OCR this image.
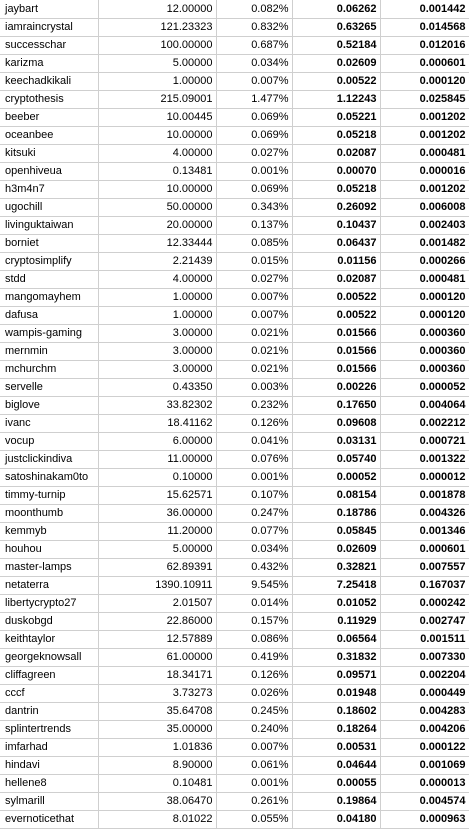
jaybart	12.00000	0.082%	0.06262	0.001442
iamraincrystal	121.23323	0.832%	0.63265	0.014568
successchar	100.00000	0.687%	0.52184	0.012016
karizma	5.00000	0.034%	0.02609	0.000601
keechadkikali	1.00000	0.007%	0.00522	0.000120
cryptothesis	215.09001	1.477%	1.12243	0.025845
beeber	10.00445	0.069%	0.05221	0.001202
oceanbee	10.00000	0.069%	0.05218	0.001202
kitsuki	4.00000	0.027%	0.02087	0.000481
openhiveua	0.13481	0.001%	0.00070	0.000016
h3m4n7	10.00000	0.069%	0.05218	0.001202
ugochill	50.00000	0.343%	0.26092	0.006008
livinguktaiwan	20.00000	0.137%	0.10437	0.002403
borniet	12.33444	0.085%	0.06437	0.001482
cryptosimplify	2.21439	0.015%	0.01156	0.000266
stdd	4.00000	0.027%	0.02087	0.000481
mangomayhem	1.00000	0.007%	0.00522	0.000120
dafusa	1.00000	0.007%	0.00522	0.000120
wampis-gaming	3.00000	0.021%	0.01566	0.000360
mernmin	3.00000	0.021%	0.01566	0.000360
mchurchm	3.00000	0.021%	0.01566	0.000360
servelle	0.43350	0.003%	0.00226	0.000052
biglove	33.82302	0.232%	0.17650	0.004064
ivanc	18.41162	0.126%	0.09608	0.002212
vocup	6.00000	0.041%	0.03131	0.000721
justclickindiva	11.00000	0.076%	0.05740	0.001322
satoshinakam0to	0.10000	0.001%	0.00052	0.000012
timmy-turnip	15.62571	0.107%	0.08154	0.001878
moonthumb	36.00000	0.247%	0.18786	0.004326
kemmyb	11.20000	0.077%	0.05845	0.001346
houhou	5.00000	0.034%	0.02609	0.000601
master-lamps	62.89391	0.432%	0.32821	0.007557
netaterra	1390.10911	9.545%	7.25418	0.167037
libertycrypto27	2.01507	0.014%	0.01052	0.000242
duskobgd	22.86000	0.157%	0.11929	0.002747
keithtaylor	12.57889	0.086%	0.06564	0.001511
georgeknowsall	61.00000	0.419%	0.31832	0.007330
cliffagreen	18.34171	0.126%	0.09571	0.002204
cccf	3.73273	0.026%	0.01948	0.000449
dantrin	35.64708	0.245%	0.18602	0.004283
splintertrends	35.00000	0.240%	0.18264	0.004206
imfarhad	1.01836	0.007%	0.00531	0.000122
hindavi	8.90000	0.061%	0.04644	0.001069
hellene8	0.10481	0.001%	0.00055	0.000013
sylmarill	38.06470	0.261%	0.19864	0.004574
evernoticethat	8.01022	0.055%	0.04180	0.000963
